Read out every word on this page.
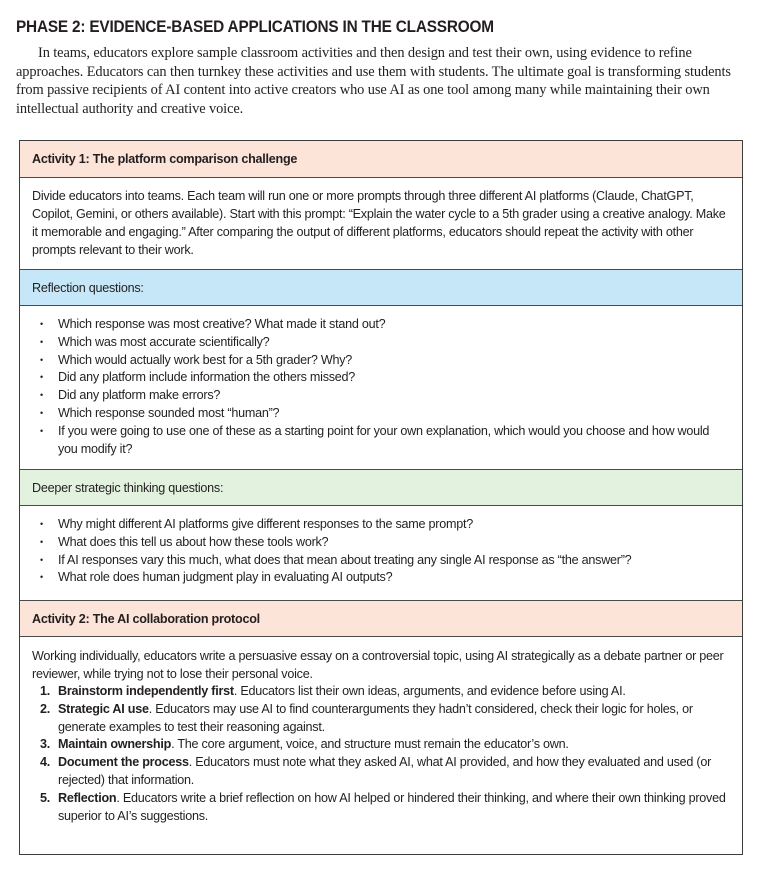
PHASE 2: EVIDENCE-BASED APPLICATIONS IN THE CLASSROOM

In teams, educators explore sample classroom activities and then design and test their own, using evidence to refine approaches. Educators can then turnkey these activities and use them with students. The ultimate goal is transforming students from passive recipients of AI content into active creators who use AI as one tool among many while maintaining their own intellectual authority and creative voice.

Activity 1: The platform comparison challenge

Divide educators into teams. Each team will run one or more prompts through three different AI platforms (Claude, ChatGPT, Copilot, Gemini, or others available). Start with this prompt: “Explain the water cycle to a 5th grader using a creative analogy. Make it memorable and engaging.” After comparing the output of different platforms, educators should repeat the activity with other prompts relevant to their work.

Reflection questions:
• Which response was most creative? What made it stand out?
• Which was most accurate scientifically?
• Which would actually work best for a 5th grader? Why?
• Did any platform include information the others missed?
• Did any platform make errors?
• Which response sounded most “human”?
• If you were going to use one of these as a starting point for your own explanation, which would you choose and how would you modify it?
Deeper strategic thinking questions:
• Why might different AI platforms give different responses to the same prompt?
• What does this tell us about how these tools work?
• If AI responses vary this much, what does that mean about treating any single AI response as “the answer”?
• What role does human judgment play in evaluating AI outputs?
Activity 2: The AI collaboration protocol

Working individually, educators write a persuasive essay on a controversial topic, using AI strategically as a debate partner or peer reviewer, while trying not to lose their personal voice.

1. Brainstorm independently first. Educators list their own ideas, arguments, and evidence before using AI.
2. Strategic AI use. Educators may use AI to find counterarguments they hadn’t considered, check their logic for holes, or generate examples to test their reasoning against.
3. Maintain ownership. The core argument, voice, and structure must remain the educator’s own.
4. Document the process. Educators must note what they asked AI, what AI provided, and how they evaluated and used (or rejected) that information.
5. Reflection. Educators write a brief reflection on how AI helped or hindered their thinking, and where their own thinking proved superior to AI’s suggestions.
